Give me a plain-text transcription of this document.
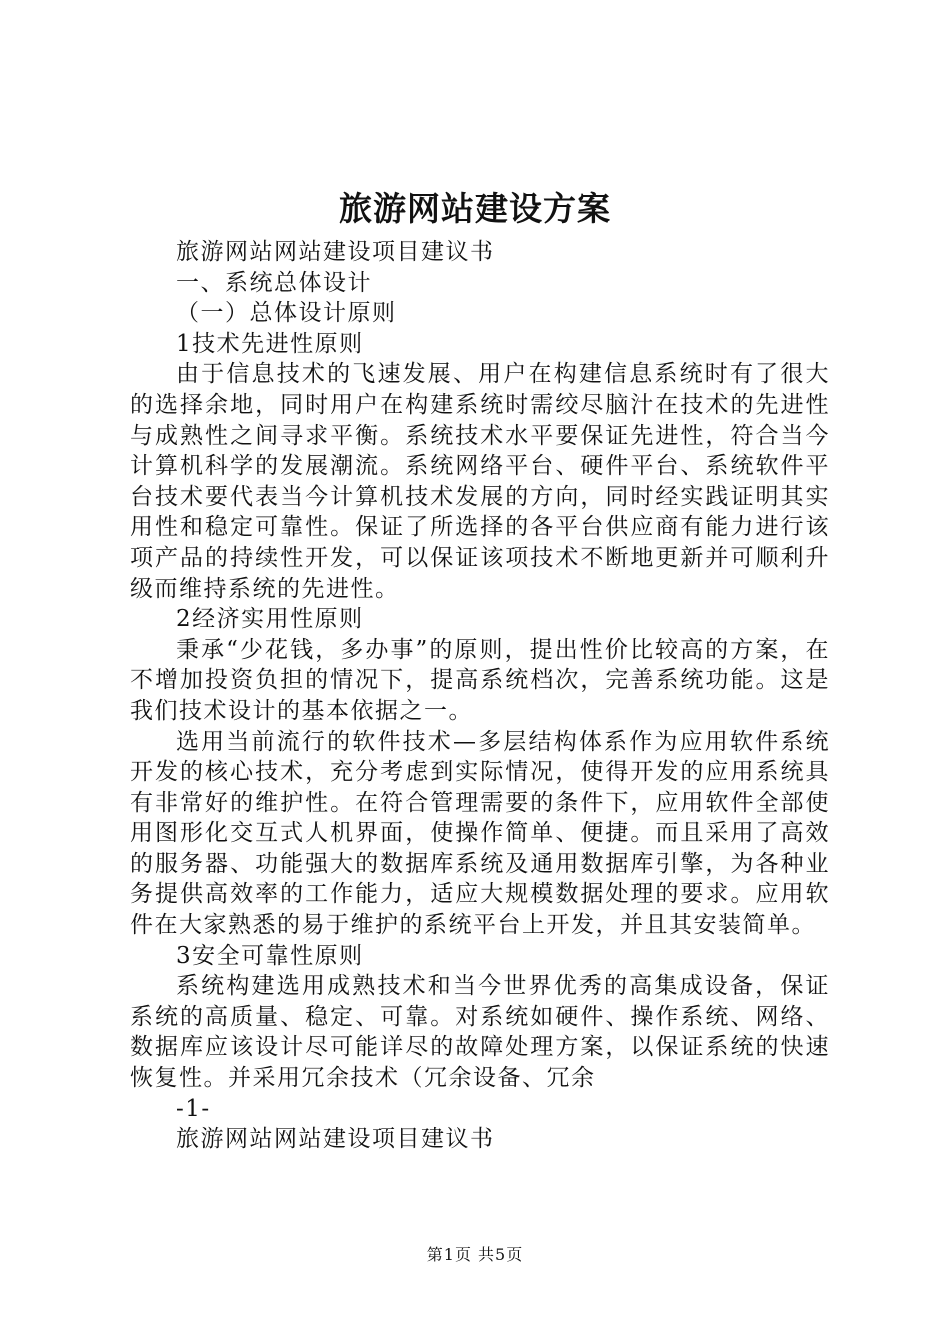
旅游网站建设方案

旅游网站网站建设项目建议书

一、系统总体设计

（一）总体设计原则

1技术先进性原则

由于信息技术的飞速发展、用户在构建信息系统时有了很大的选择余地，同时用户在构建系统时需绞尽脑汁在技术的先进性与成熟性之间寻求平衡。系统技术水平要保证先进性，符合当今计算机科学的发展潮流。系统网络平台、硬件平台、系统软件平台技术要代表当今计算机技术发展的方向，同时经实践证明其实用性和稳定可靠性。保证了所选择的各平台供应商有能力进行该项产品的持续性开发，可以保证该项技术不断地更新并可顺利升级而维持系统的先进性。

2经济实用性原则

秉承“少花钱，多办事”的原则，提出性价比较高的方案，在不增加投资负担的情况下，提高系统档次，完善系统功能。这是我们技术设计的基本依据之一。

选用当前流行的软件技术—多层结构体系作为应用软件系统开发的核心技术，充分考虑到实际情况，使得开发的应用系统具有非常好的维护性。在符合管理需要的条件下，应用软件全部使用图形化交互式人机界面，使操作简单、便捷。而且采用了高效的服务器、功能强大的数据库系统及通用数据库引擎，为各种业务提供高效率的工作能力，适应大规模数据处理的要求。应用软件在大家熟悉的易于维护的系统平台上开发，并且其安装简单。

3安全可靠性原则

系统构建选用成熟技术和当今世界优秀的高集成设备，保证系统的高质量、稳定、可靠。对系统如硬件、操作系统、网络、数据库应该设计尽可能详尽的故障处理方案，以保证系统的快速恢复性。并采用冗余技术（冗余设备、冗余

-1-

旅游网站网站建设项目建议书

第1页 共5页
